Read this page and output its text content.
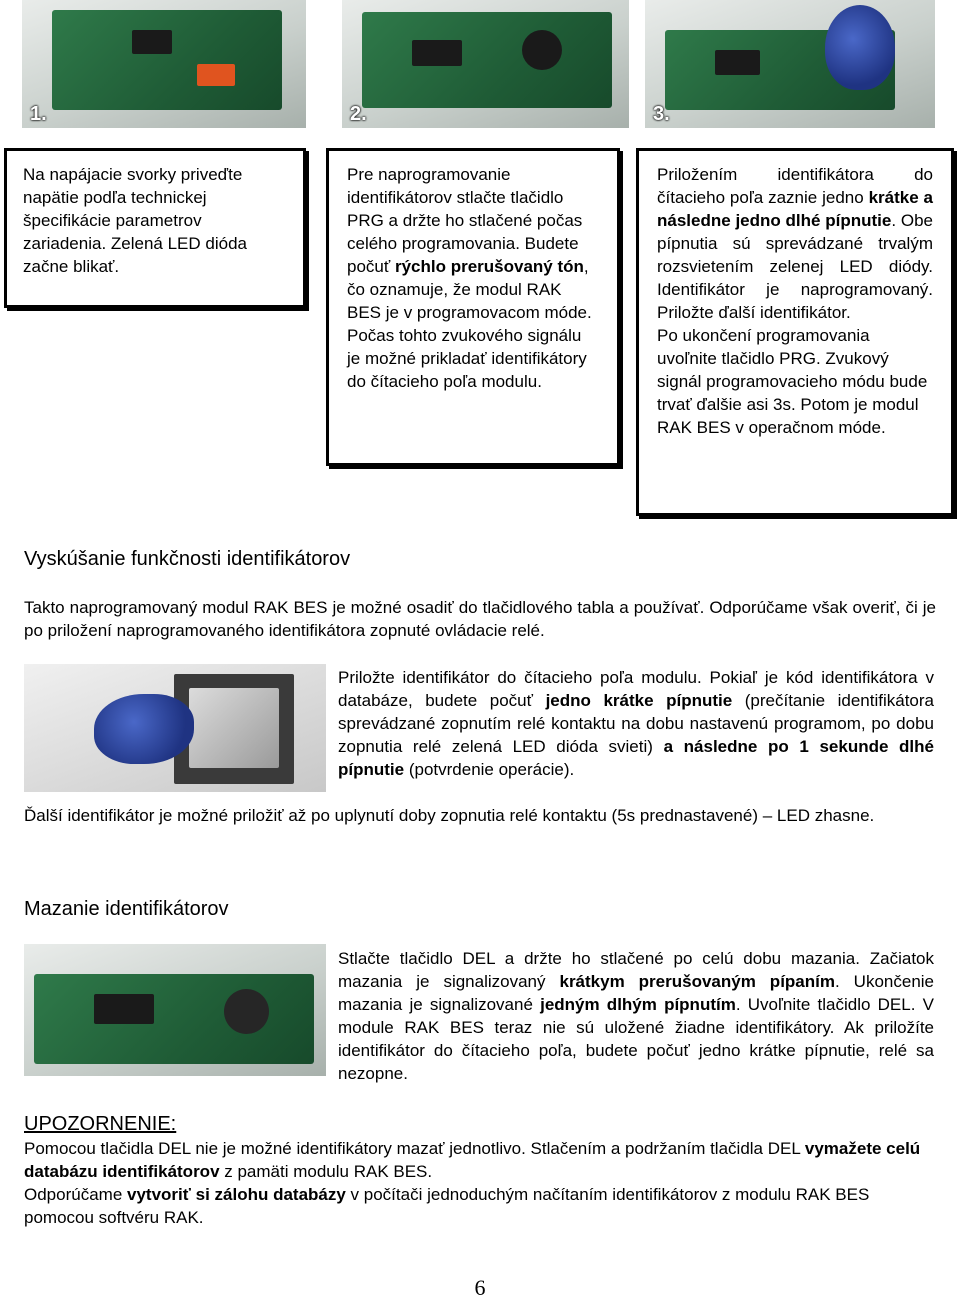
1.	2.	3.

Na napájacie svorky priveďte napätie podľa technickej špecifikácie parametrov zariadenia. Zelená LED dióda začne blikať.

Pre naprogramovanie identifikátorov stlačte tlačidlo PRG a držte ho stlačené počas celého programovania. Budete počuť rýchlo prerušovaný tón, čo oznamuje, že modul RAK BES je v programovacom móde. Počas tohto zvukového signálu je možné prikladať identifikátory do čítacieho poľa modulu.

Priložením identifikátora do čítacieho poľa zaznie jedno krátke a následne jedno dlhé pípnutie. Obe pípnutia sú sprevádzané trvalým rozsvietením zelenej LED diódy. Identifikátor je naprogramovaný. Priložte ďalší identifikátor.

Po ukončení programovania uvoľnite tlačidlo PRG. Zvukový signál programovacieho módu bude trvať ďalšie asi 3s. Potom je modul RAK BES v operačnom móde.

Vyskúšanie funkčnosti identifikátorov

Takto naprogramovaný modul RAK BES je možné osadiť do tlačidlového tabla a používať. Odporúčame však overiť, či je po priložení naprogramovaného identifikátora zopnuté ovládacie relé.

Priložte identifikátor do čítacieho poľa modulu. Pokiaľ je kód identifikátora v databáze, budete počuť jedno krátke pípnutie (prečítanie identifikátora sprevádzané zopnutím relé kontaktu na dobu nastavenú programom, po dobu zopnutia relé zelená LED dióda svieti) a následne po 1 sekunde dlhé pípnutie (potvrdenie operácie).

Ďalší identifikátor je možné priložiť až po uplynutí doby zopnutia relé kontaktu (5s prednastavené) – LED zhasne.

Mazanie identifikátorov

Stlačte tlačidlo DEL a držte ho stlačené po celú dobu mazania. Začiatok mazania je signalizovaný krátkym prerušovaným pípaním. Ukončenie mazania je signalizované jedným dlhým pípnutím. Uvoľnite tlačidlo DEL. V module RAK BES teraz nie sú uložené žiadne identifikátory. Ak priložíte identifikátor do čítacieho poľa, budete počuť jedno krátke pípnutie, relé sa nezopne.

UPOZORNENIE:

Pomocou tlačidla DEL nie je možné identifikátory mazať jednotlivo. Stlačením a podržaním tlačidla DEL vymažete celú databázu identifikátorov z pamäti modulu RAK BES.

Odporúčame vytvoriť si zálohu databázy v počítači jednoduchým načítaním identifikátorov z modulu RAK BES pomocou softvéru RAK.

6
